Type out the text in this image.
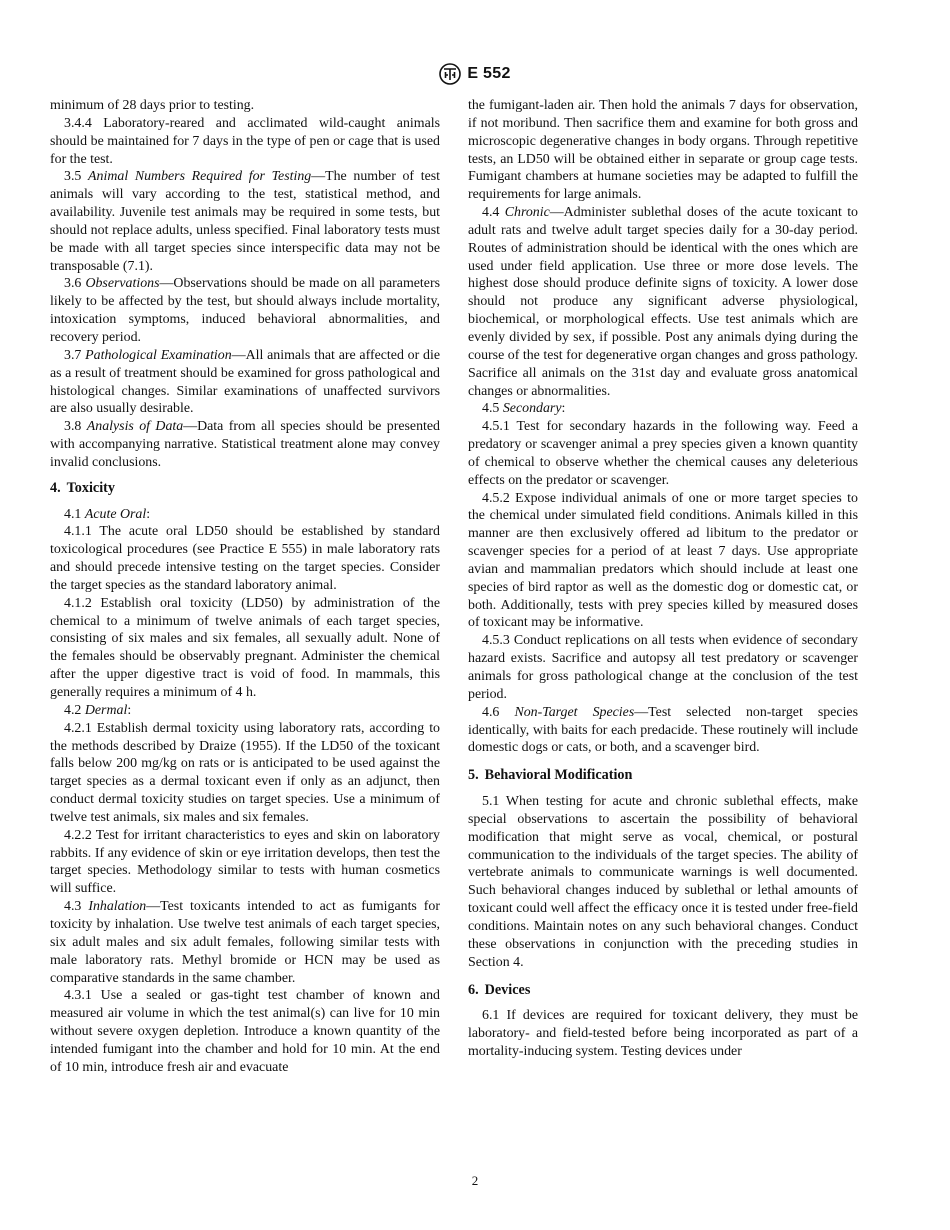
E 552

minimum of 28 days prior to testing.

3.4.4 Laboratory-reared and acclimated wild-caught animals should be maintained for 7 days in the type of pen or cage that is used for the test.

3.5 Animal Numbers Required for Testing—The number of test animals will vary according to the test, statistical method, and availability. Juvenile test animals may be required in some tests, but should not replace adults, unless specified. Final laboratory tests must be made with all target species since interspecific data may not be transposable (7.1).

3.6 Observations—Observations should be made on all parameters likely to be affected by the test, but should always include mortality, intoxication symptoms, induced behavioral abnormalities, and recovery period.

3.7 Pathological Examination—All animals that are affected or die as a result of treatment should be examined for gross pathological and histological changes. Similar examinations of unaffected survivors are also usually desirable.

3.8 Analysis of Data—Data from all species should be presented with accompanying narrative. Statistical treatment alone may convey invalid conclusions.

4. Toxicity

4.1 Acute Oral:

4.1.1 The acute oral LD50 should be established by standard toxicological procedures (see Practice E 555) in male laboratory rats and should precede intensive testing on the target species. Consider the target species as the standard laboratory animal.

4.1.2 Establish oral toxicity (LD50) by administration of the chemical to a minimum of twelve animals of each target species, consisting of six males and six females, all sexually adult. None of the females should be observably pregnant. Administer the chemical after the upper digestive tract is void of food. In mammals, this generally requires a minimum of 4 h.

4.2 Dermal:

4.2.1 Establish dermal toxicity using laboratory rats, according to the methods described by Draize (1955). If the LD50 of the toxicant falls below 200 mg/kg on rats or is anticipated to be used against the target species as a dermal toxicant even if only as an adjunct, then conduct dermal toxicity studies on target species. Use a minimum of twelve test animals, six males and six females.

4.2.2 Test for irritant characteristics to eyes and skin on laboratory rabbits. If any evidence of skin or eye irritation develops, then test the target species. Methodology similar to tests with human cosmetics will suffice.

4.3 Inhalation—Test toxicants intended to act as fumigants for toxicity by inhalation. Use twelve test animals of each target species, six adult males and six adult females, following similar tests with male laboratory rats. Methyl bromide or HCN may be used as comparative standards in the same chamber.

4.3.1 Use a sealed or gas-tight test chamber of known and measured air volume in which the test animal(s) can live for 10 min without severe oxygen depletion. Introduce a known quantity of the intended fumigant into the chamber and hold for 10 min. At the end of 10 min, introduce fresh air and evacuate

the fumigant-laden air. Then hold the animals 7 days for observation, if not moribund. Then sacrifice them and examine for both gross and microscopic degenerative changes in body organs. Through repetitive tests, an LD50 will be obtained either in separate or group cage tests. Fumigant chambers at humane societies may be adapted to fulfill the requirements for large animals.

4.4 Chronic—Administer sublethal doses of the acute toxicant to adult rats and twelve adult target species daily for a 30-day period. Routes of administration should be identical with the ones which are used under field application. Use three or more dose levels. The highest dose should produce definite signs of toxicity. A lower dose should not produce any significant adverse physiological, biochemical, or morphological effects. Use test animals which are evenly divided by sex, if possible. Post any animals dying during the course of the test for degenerative organ changes and gross pathology. Sacrifice all animals on the 31st day and evaluate gross anatomical changes or abnormalities.

4.5 Secondary:

4.5.1 Test for secondary hazards in the following way. Feed a predatory or scavenger animal a prey species given a known quantity of chemical to observe whether the chemical causes any deleterious effects on the predator or scavenger.

4.5.2 Expose individual animals of one or more target species to the chemical under simulated field conditions. Animals killed in this manner are then exclusively offered ad libitum to the predator or scavenger species for a period of at least 7 days. Use appropriate avian and mammalian predators which should include at least one species of bird raptor as well as the domestic dog or domestic cat, or both. Additionally, tests with prey species killed by measured doses of toxicant may be informative.

4.5.3 Conduct replications on all tests when evidence of secondary hazard exists. Sacrifice and autopsy all test predatory or scavenger animals for gross pathological change at the conclusion of the test period.

4.6 Non-Target Species—Test selected non-target species identically, with baits for each predacide. These routinely will include domestic dogs or cats, or both, and a scavenger bird.

5. Behavioral Modification

5.1 When testing for acute and chronic sublethal effects, make special observations to ascertain the possibility of behavioral modification that might serve as vocal, chemical, or postural communication to the individuals of the target species. The ability of vertebrate animals to communicate warnings is well documented. Such behavioral changes induced by sublethal or lethal amounts of toxicant could well affect the efficacy once it is tested under free-field conditions. Maintain notes on any such behavioral changes. Conduct these observations in conjunction with the preceding studies in Section 4.

6. Devices

6.1 If devices are required for toxicant delivery, they must be laboratory- and field-tested before being incorporated as part of a mortality-inducing system. Testing devices under

2
